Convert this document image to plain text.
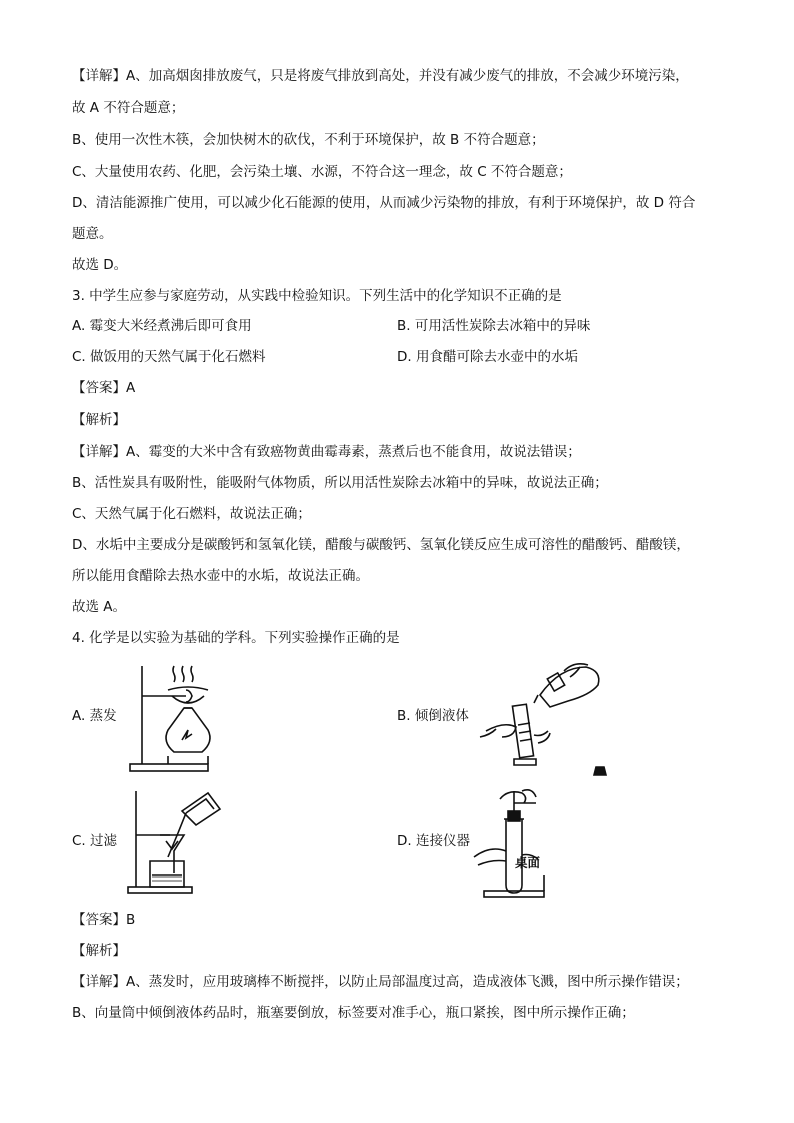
【详解】A、加高烟囱排放废气，只是将废气排放到高处，并没有减少废气的排放，不会减少环境污染，
故 A 不符合题意；
B、使用一次性木筷，会加快树木的砍伐，不利于环境保护，故 B 不符合题意；
C、大量使用农药、化肥，会污染土壤、水源，不符合这一理念，故 C 不符合题意；
D、清洁能源推广使用，可以减少化石能源的使用，从而减少污染物的排放，有利于环境保护，故 D 符合
题意。
故选 D。
3. 中学生应参与家庭劳动，从实践中检验知识。下列生活中的化学知识不正确的是
A. 霉变大米经煮沸后即可食用	B. 可用活性炭除去冰箱中的异味
C. 做饭用的天然气属于化石燃料	D. 用食醋可除去水壶中的水垢
【答案】A
【解析】
【详解】A、霉变的大米中含有致癌物黄曲霉毒素，蒸煮后也不能食用，故说法错误；
B、活性炭具有吸附性，能吸附气体物质，所以用活性炭除去冰箱中的异味，故说法正确；
C、天然气属于化石燃料，故说法正确；
D、水垢中主要成分是碳酸钙和氢氧化镁，醋酸与碳酸钙、氢氧化镁反应生成可溶性的醋酸钙、醋酸镁，
所以能用食醋除去热水壶中的水垢，故说法正确。
故选 A。
4. 化学是以实验为基础的学科。下列实验操作正确的是
A. 蒸发	B. 倾倒液体
C. 过滤	D. 连接仪器
桌面
【答案】B
【解析】
【详解】A、蒸发时，应用玻璃棒不断搅拌，以防止局部温度过高，造成液体飞溅，图中所示操作错误；
B、向量筒中倾倒液体药品时，瓶塞要倒放，标签要对准手心，瓶口紧挨，图中所示操作正确；
